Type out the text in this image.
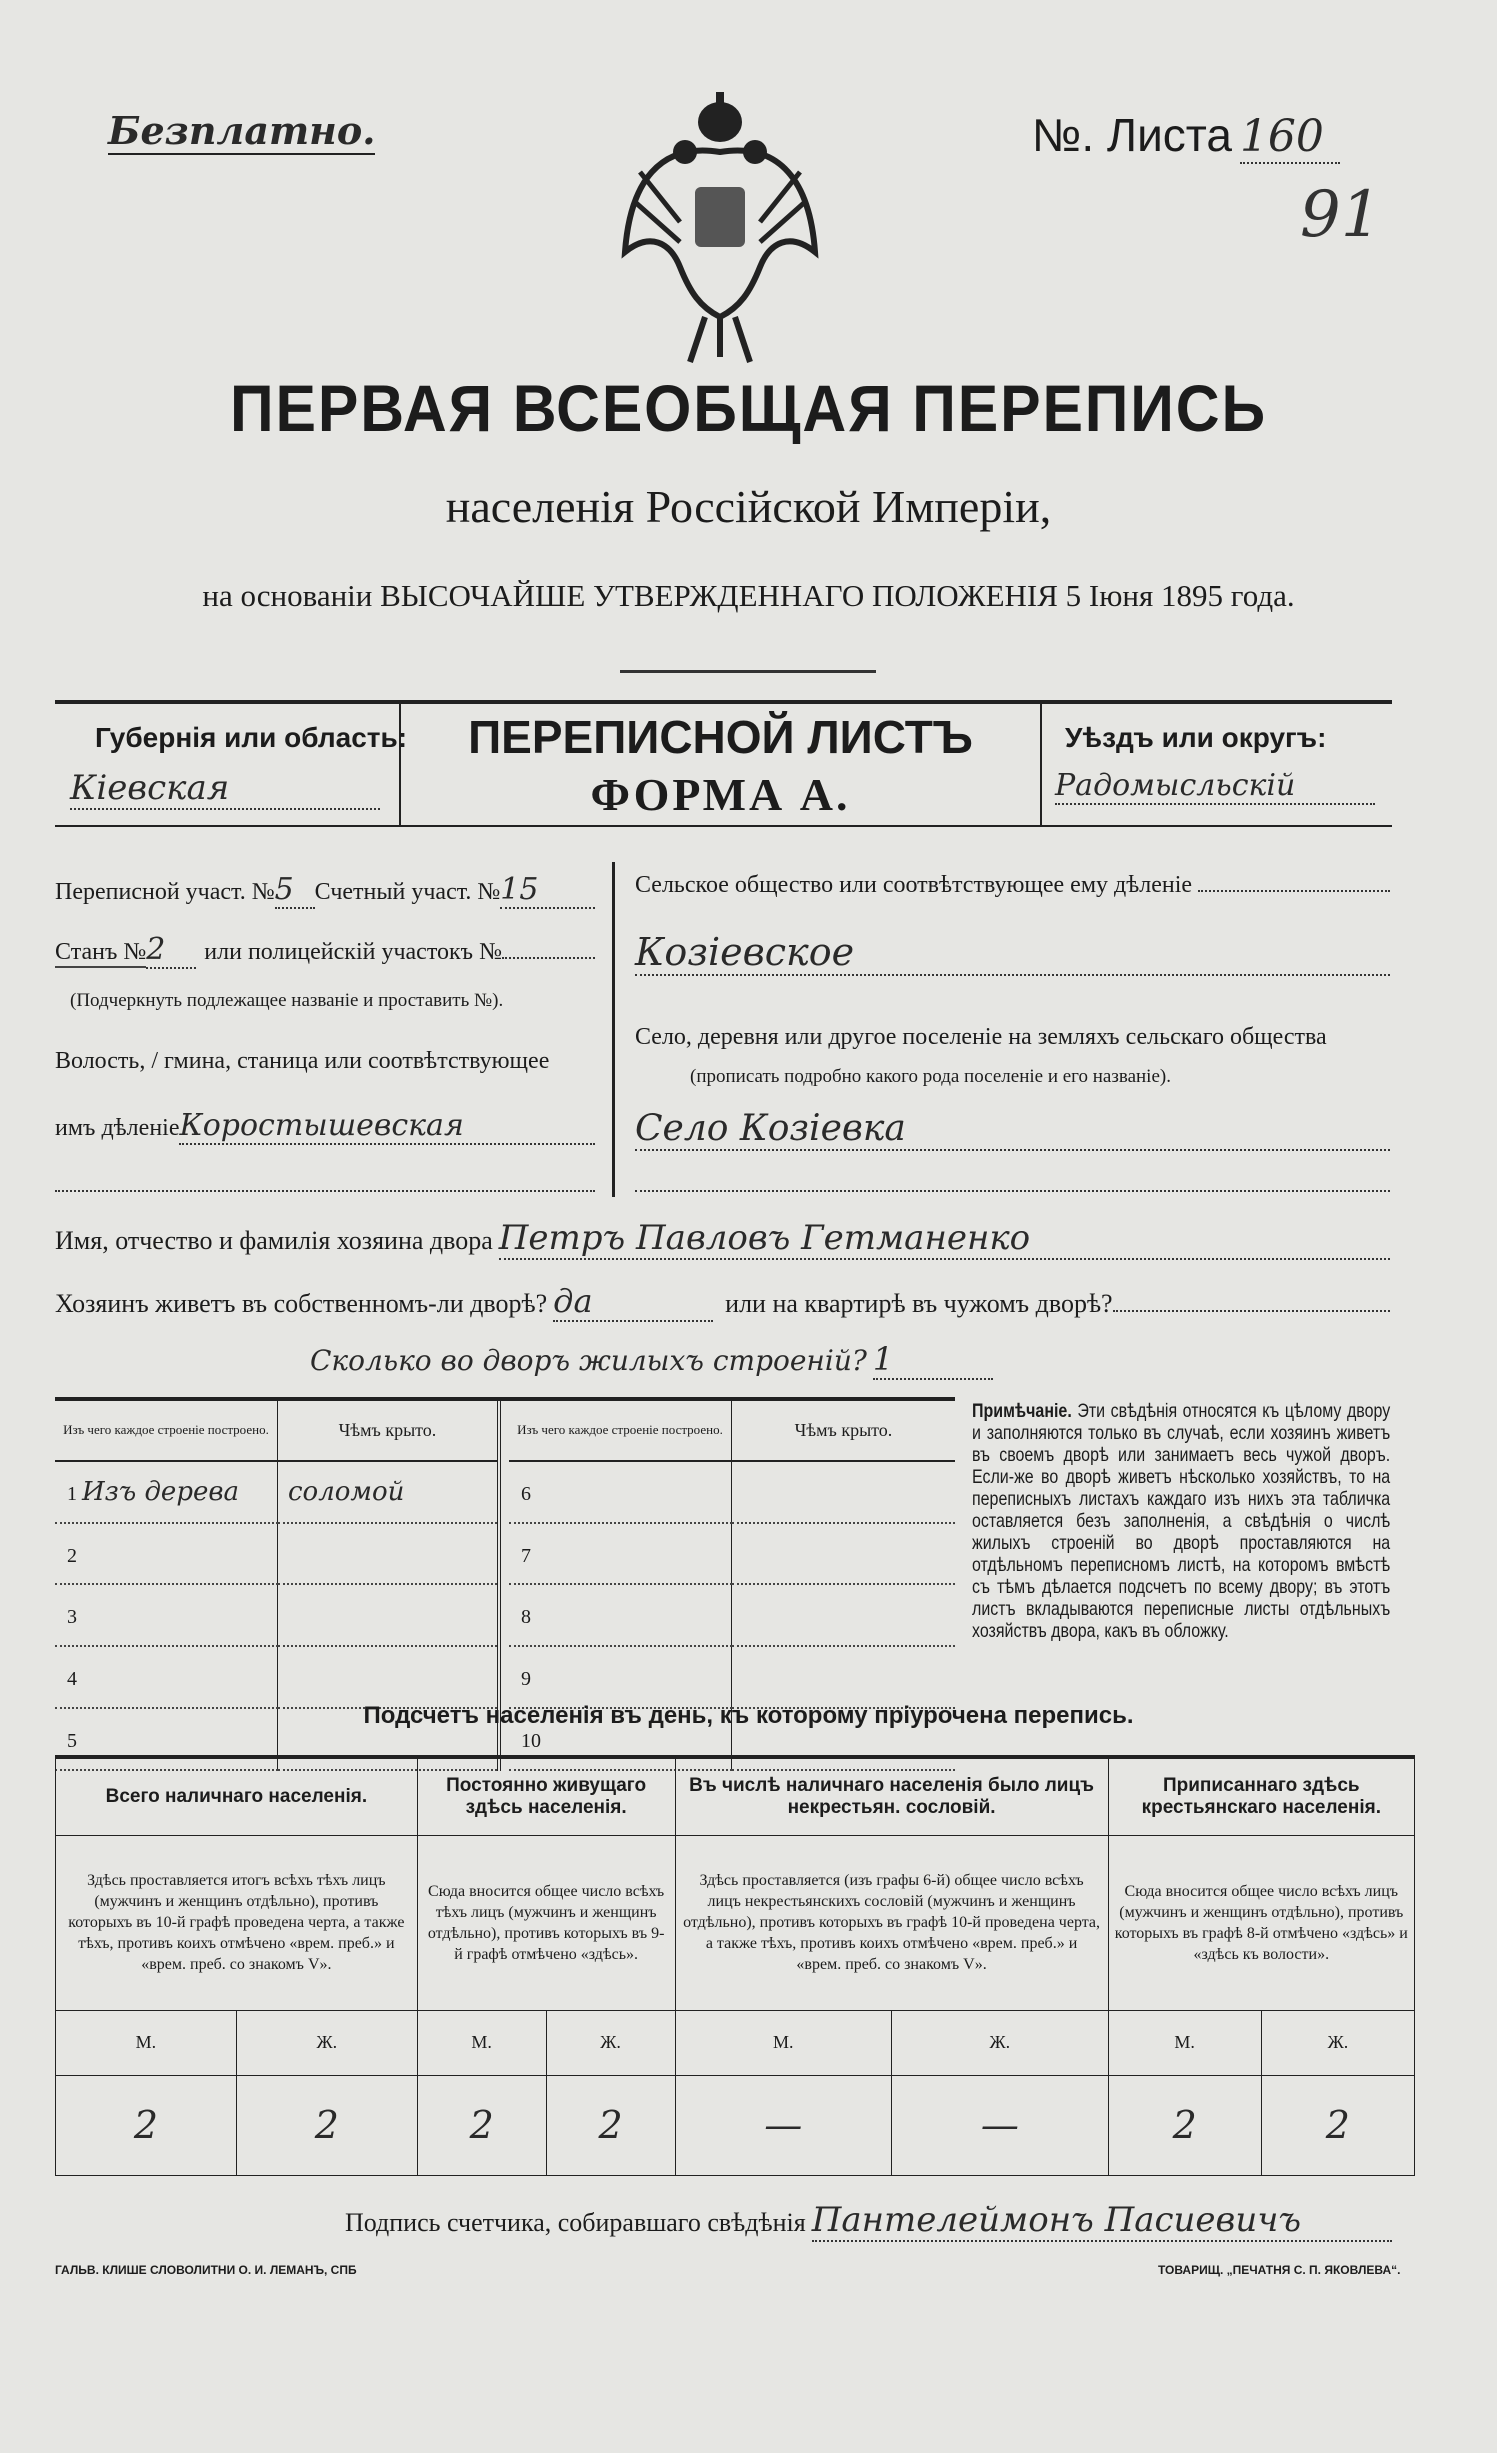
Безплатно.	№. Листа 160
91
ПЕРВАЯ ВСЕОБЩАЯ ПЕРЕПИСЬ
населенія Россійской Имперіи,
на основаніи ВЫСОЧАЙШЕ УТВЕРЖДЕННАГО ПОЛОЖЕНІЯ 5 Іюня 1895 года.
Губернія или область:
Кіевская
ПЕРЕПИСНОЙ ЛИСТЪ
ФОРМА А.
Уѣздъ или округъ:
Радомысльскій
Переписной участ. № 5 Счетный участ. № 15
Станъ № 2	или полицейскій участокъ №
(Подчеркнуть подлежащее названіе и проставить №).
Волость, / гмина, станица или соотвѣтствующее
имъ дѣленіе Коростышевская
Сельское общество или соотвѣтствующее ему дѣленіе
Козіевское
Село, деревня или другое поселеніе на земляхъ сельскаго общества
(прописать подробно какого рода поселеніе и его названіе).
Село Козіевка
Имя, отчество и фамилія хозяина двора Петръ Павловъ Гетманенко
Хозяинъ живетъ въ собственномъ-ли дворѣ? да	или на квартирѣ въ чужомъ дворѣ?
Сколько во дворъ жилыхъ строеній? 1
Изъ чего каждое строеніе построено.	Чѣмъ крыто.
1 Изъ дерева	соломой
2	
3	
4	
5	
Изъ чего каждое строеніе построено.	Чѣмъ крыто.
6	
7	
8	
9	
10	
Примѣчаніе. Эти свѣдѣнія относятся къ цѣлому двору и заполняются только въ случаѣ, если хозяинъ живетъ въ своемъ дворѣ или занимаетъ весь чужой дворъ. Если-же во дворѣ живетъ нѣсколько хозяйствъ, то на переписныхъ листахъ каждаго изъ нихъ эта табличка оставляется безъ заполненія, а свѣдѣнія о числѣ жилыхъ строеній во дворѣ проставляются на отдѣльномъ переписномъ листѣ, на которомъ вмѣстѣ съ тѣмъ дѣлается подсчетъ по всему двору; въ этотъ листъ вкладываются переписные листы отдѣльныхъ хозяйствъ двора, какъ въ обложку.
Подсчетъ населенія въ день, къ которому пріурочена перепись.
Всего наличнаго населенія.		Постоянно живущаго здѣсь населенія.		Въ числѣ наличнаго населенія было лицъ некрестьян. сословій.		Приписаннаго здѣсь крестьянскаго населенія.	
Здѣсь проставляется итогъ всѣхъ тѣхъ лицъ (мужчинъ и женщинъ отдѣльно), противъ которыхъ въ 10-й графѣ проведена черта, а также тѣхъ, противъ коихъ отмѣчено «врем. преб.» и «врем. преб. со знакомъ V».		Сюда вносится общее число всѣхъ тѣхъ лицъ (мужчинъ и женщинъ отдѣльно), противъ которыхъ въ 9-й графѣ отмѣчено «здѣсь».		Здѣсь проставляется (изъ графы 6-й) общее число всѣхъ лицъ некрестьянскихъ сословій (мужчинъ и женщинъ отдѣльно), противъ которыхъ въ графѣ 10-й проведена черта, а также тѣхъ, противъ коихъ отмѣчено «врем. преб.» и «врем. преб. со знакомъ V».		Сюда вносится общее число всѣхъ лицъ (мужчинъ и женщинъ отдѣльно), противъ которыхъ въ графѣ 8-й отмѣчено «здѣсь» и «здѣсь къ волости».	
М.	Ж.	М.	Ж.	М.	Ж.	М.	Ж.
2	2	2	2	—	—	2	2
Подпись счетчика, собиравшаго свѣдѣнія Пантелеймонъ Пасиевичъ
ГАЛЬВ. КЛИШЕ СЛОВОЛИТНИ О. И. ЛЕМАНЪ, СПБ	ТОВАРИЩ. „ПЕЧАТНЯ С. П. ЯКОВЛЕВА“.
